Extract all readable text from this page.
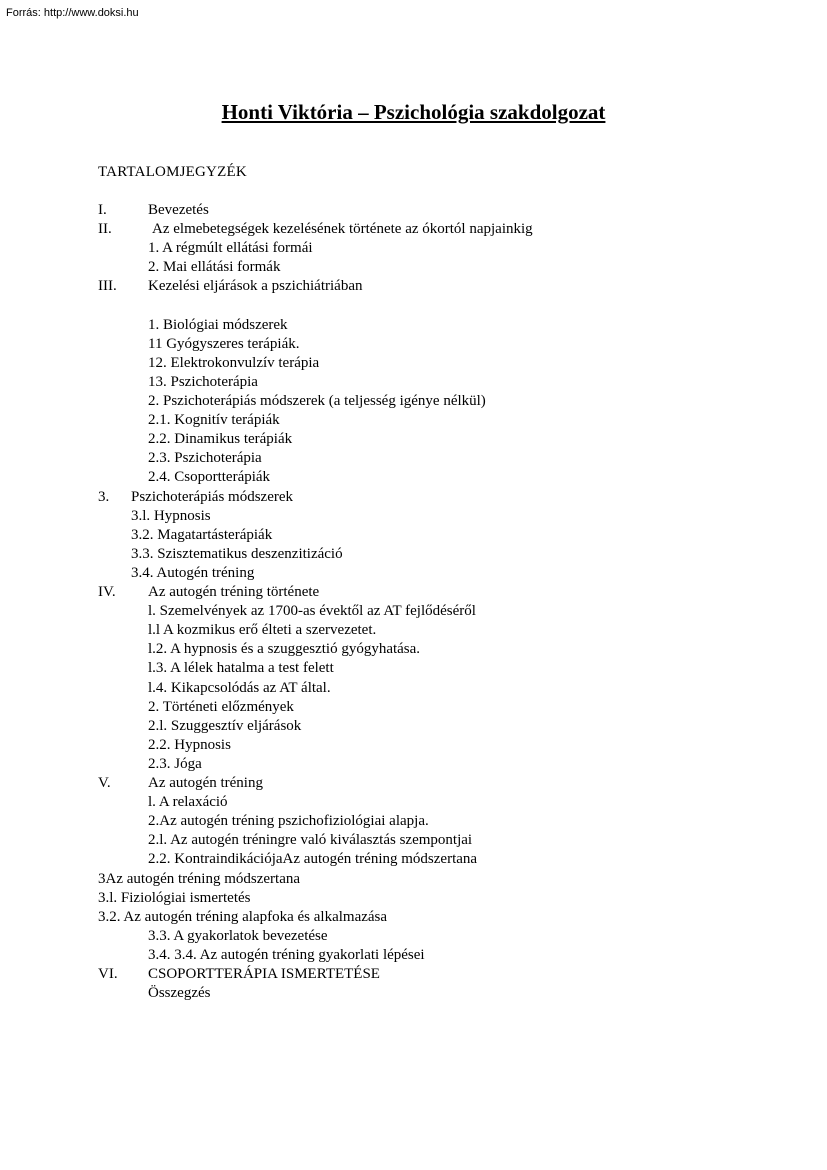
Forrás: http://www.doksi.hu
Honti Viktória – Pszichológia szakdolgozat
TARTALOMJEGYZÉK
I.	Bevezetés
II.	Az elmebetegségek kezelésének története az ókortól napjainkig
1. A régmúlt ellátási formái
2. Mai ellátási formák
III. Kezelési eljárások a pszichiátriában
1. Biológiai módszerek
11 Gyógyszeres terápiák.
12. Elektrokonvulzív terápia
13. Pszichoterápia
2. Pszichoterápiás módszerek (a teljesség igénye nélkül)
2.1. Kognitív terápiák
2.2. Dinamikus terápiák
2.3. Pszichoterápia
2.4. Csoportterápiák
3. Pszichoterápiás módszerek
3.l. Hypnosis
3.2. Magatartásterápiák
3.3. Szisztematikus deszenzitizáció
3.4. Autogén tréning
IV. Az autogén tréning története
l. Szemelvények az 1700-as évektől az AT fejlődéséről
l.l A kozmikus erő élteti a szervezetet.
l.2. A hypnosis és a szuggesztió gyógyhatása.
l.3. A lélek hatalma a test felett
l.4. Kikapcsolódás az AT által.
2. Történeti előzmények
2.l. Szuggesztív eljárások
2.2. Hypnosis
2.3. Jóga
V. Az autogén tréning
l. A relaxáció
2.Az autogén tréning pszichofiziológiai alapja.
2.l. Az autogén tréningre való kiválasztás szempontjai
2.2. KontraindikációjaAz autogén tréning módszertana
3Az autogén tréning módszertana
3.l. Fiziológiai ismertetés
3.2. Az autogén tréning alapfoka és alkalmazása
3.3. A gyakorlatok bevezetése
3.4. 3.4. Az autogén tréning gyakorlati lépései
VI. CSOPORTTERÁPIA ISMERTETÉSE
Összegzés
